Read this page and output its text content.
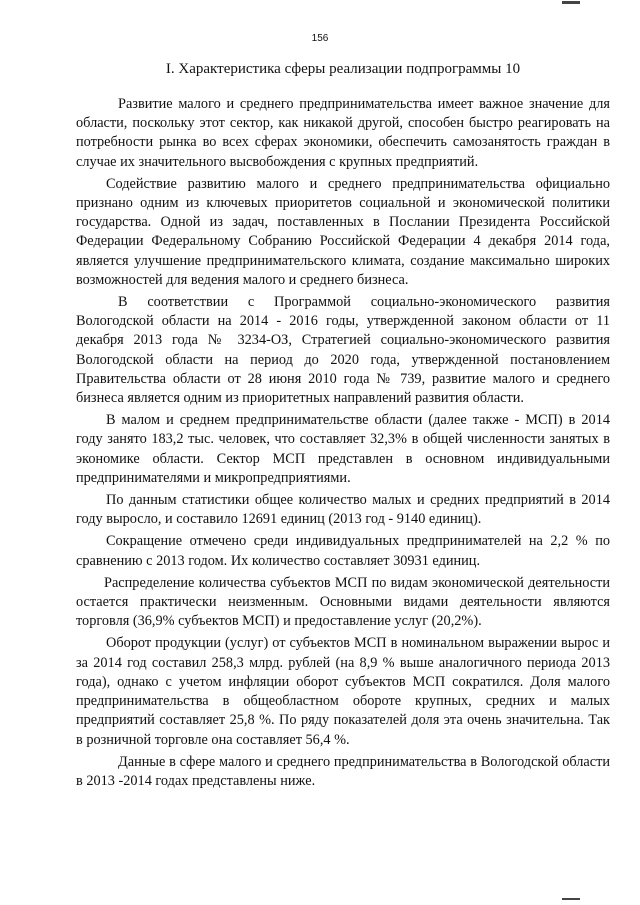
156
I. Характеристика сферы реализации подпрограммы 10

Развитие малого и среднего предпринимательства имеет важное значение для области, поскольку этот сектор, как никакой другой, способен быстро реагировать на потребности рынка во всех сферах экономики, обеспечить самозанятость граждан в случае их значительного высвобождения с крупных предприятий.

Содействие развитию малого и среднего предпринимательства официально признано одним из ключевых приоритетов социальной и экономической политики государства. Одной из задач, поставленных в Послании Президента Российской Федерации Федеральному Собранию Российской Федерации 4 декабря 2014 года, является улучшение предпринимательского климата, создание максимально широких возможностей для ведения малого и среднего бизнеса.

В соответствии с Программой социально-экономического развития Вологодской области на 2014 - 2016 годы, утвержденной законом области от 11 декабря 2013 года № 3234-ОЗ, Стратегией социально-экономического развития Вологодской области на период до 2020 года, утвержденной постановлением Правительства области от 28 июня 2010 года № 739, развитие малого и среднего бизнеса является одним из приоритетных направлений развития области.

В малом и среднем предпринимательстве области (далее также - МСП) в 2014 году занято 183,2 тыс. человек, что составляет 32,3% в общей численности занятых в экономике области. Сектор МСП представлен в основном индивидуальными предпринимателями и микропредприятиями.

По данным статистики общее количество малых и средних предприятий в 2014 году выросло, и составило 12691 единиц (2013 год - 9140 единиц).

Сокращение отмечено среди индивидуальных предпринимателей на 2,2 % по сравнению с 2013 годом. Их количество составляет 30931 единиц.

Распределение количества субъектов МСП по видам экономической деятельности остается практически неизменным. Основными видами деятельности являются торговля (36,9% субъектов МСП) и предоставление услуг (20,2%).

Оборот продукции (услуг) от субъектов МСП в номинальном выражении вырос и за 2014 год составил 258,3 млрд. рублей (на 8,9 % выше аналогичного периода 2013 года), однако с учетом инфляции оборот субъектов МСП сократился. Доля малого предпринимательства в общеобластном обороте крупных, средних и малых предприятий составляет 25,8 %. По ряду показателей доля эта очень значительна. Так в розничной торговле она составляет 56,4 %.

Данные в сфере малого и среднего предпринимательства в Вологодской области в 2013 -2014 годах представлены ниже.
